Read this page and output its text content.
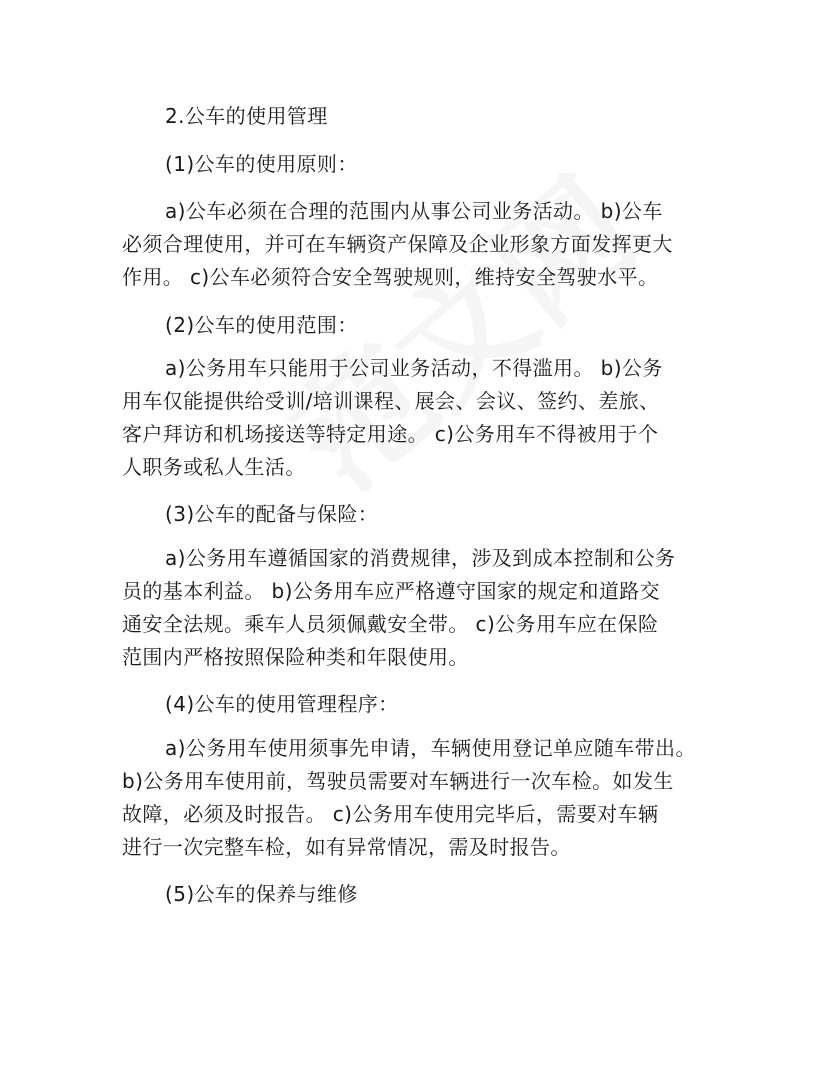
2.公车的使用管理
(1)公车的使用原则：
a)公车必须在合理的范围内从事公司业务活动。 b)公车
必须合理使用，并可在车辆资产保障及企业形象方面发挥更大
作用。 c)公车必须符合安全驾驶规则，维持安全驾驶水平。
(2)公车的使用范围：
a)公务用车只能用于公司业务活动，不得滥用。 b)公务
用车仅能提供给受训/培训课程、展会、会议、签约、差旅、
客户拜访和机场接送等特定用途。 c)公务用车不得被用于个
人职务或私人生活。
(3)公车的配备与保险：
a)公务用车遵循国家的消费规律，涉及到成本控制和公务
员的基本利益。 b)公务用车应严格遵守国家的规定和道路交
通安全法规。乘车人员须佩戴安全带。 c)公务用车应在保险
范围内严格按照保险种类和年限使用。
(4)公车的使用管理程序：
a)公务用车使用须事先申请，车辆使用登记单应随车带出。
b)公务用车使用前，驾驶员需要对车辆进行一次车检。如发生
故障，必须及时报告。 c)公务用车使用完毕后，需要对车辆
进行一次完整车检，如有异常情况，需及时报告。
(5)公车的保养与维修
